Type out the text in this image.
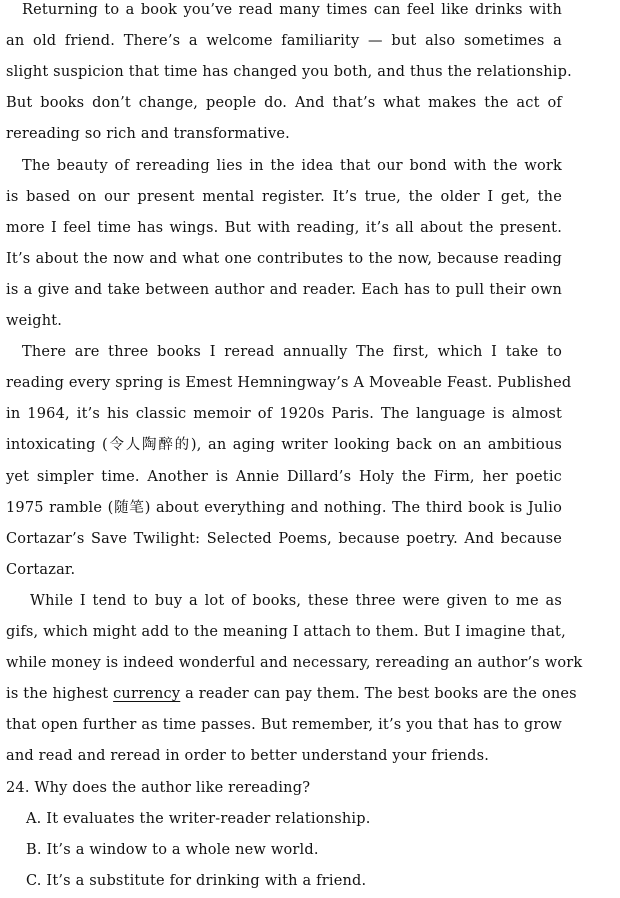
Returning to a book you’ve read many times can feel like drinks with
an old friend. There’s a welcome familiarity — but also sometimes a
slight suspicion that time has changed you both, and thus the relationship.
But books don’t change, people do. And that’s what makes the act of
rereading so rich and transformative.
The beauty of rereading lies in the idea that our bond with the work
is based on our present mental register. It’s true, the older I get, the
more I feel time has wings. But with reading, it’s all about the present.
It’s about the now and what one contributes to the now, because reading
is a give and take between author and reader. Each has to pull their own
weight.
There are three books I reread annually The first, which I take to
reading every spring is Emest Hemningway’s A Moveable Feast. Published
in 1964, it’s his classic memoir of 1920s Paris. The language is almost
intoxicating (令人陶醉的), an aging writer looking back on an ambitious
yet simpler time. Another is Annie Dillard’s Holy the Firm, her poetic
1975 ramble (随笔) about everything and nothing. The third book is Julio
Cortazar’s Save Twilight: Selected Poems, because poetry. And because
Cortazar.
While I tend to buy a lot of books, these three were given to me as
gifs, which might add to the meaning I attach to them. But I imagine that,
while money is indeed wonderful and necessary, rereading an author’s work
is the highest currency a reader can pay them. The best books are the ones
that open further as time passes. But remember, it’s you that has to grow
and read and reread in order to better understand your friends.
24. Why does the author like rereading?
A. It evaluates the writer-reader relationship.
B. It’s a window to a whole new world.
C. It’s a substitute for drinking with a friend.
